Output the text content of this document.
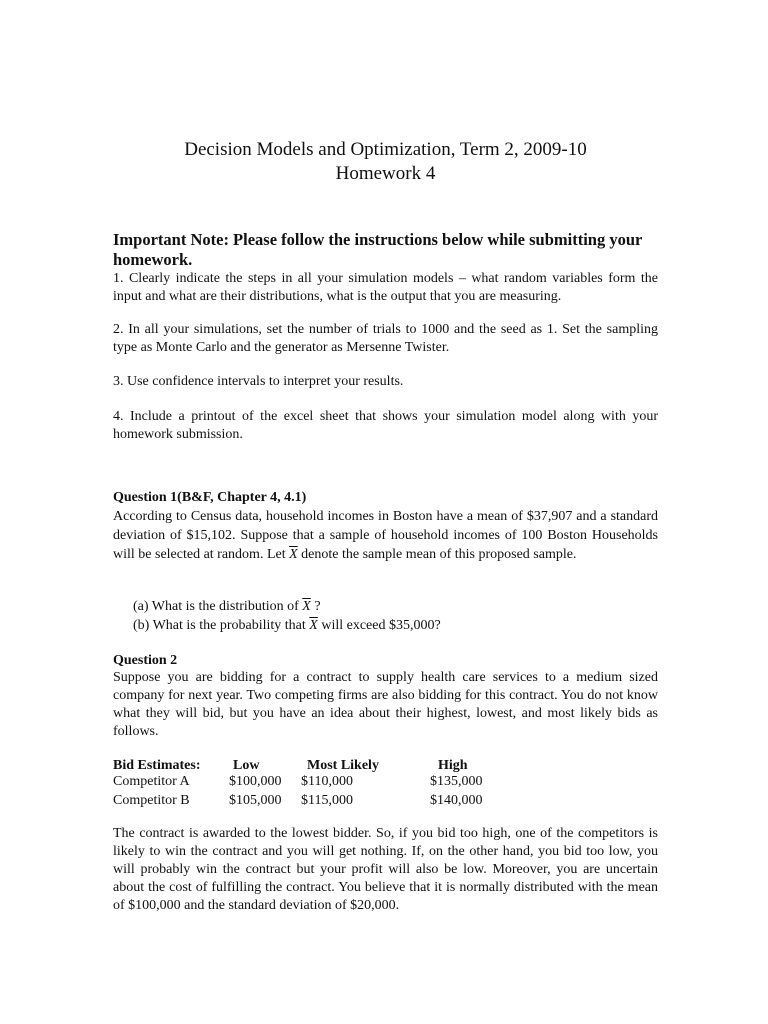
Decision Models and Optimization, Term 2, 2009-10
Homework 4
Important Note: Please follow the instructions below while submitting your homework.
1. Clearly indicate the steps in all your simulation models – what random variables form the input and what are their distributions, what is the output that you are measuring.
2. In all your simulations, set the number of trials to 1000 and the seed as 1. Set the sampling type as Monte Carlo and the generator as Mersenne Twister.
3. Use confidence intervals to interpret your results.
4. Include a printout of the excel sheet that shows your simulation model along with your homework submission.
Question 1(B&F, Chapter 4, 4.1)
According to Census data, household incomes in Boston have a mean of $37,907 and a standard deviation of $15,102. Suppose that a sample of household incomes of 100 Boston Households will be selected at random. Let $\overline{X}$ denote the sample mean of this proposed sample.
(a) What is the distribution of $\overline{X}$ ?
(b) What is the probability that $\overline{X}$ will exceed $35,000?
Question 2
Suppose you are bidding for a contract to supply health care services to a medium sized company for next year. Two competing firms are also bidding for this contract. You do not know what they will bid, but you have an idea about their highest, lowest, and most likely bids as follows.
Bid Estimates: Low	Most Likely	High
Competitor A	$100,000 $110,000	$135,000
Competitor B	$105,000 $115,000	$140,000
The contract is awarded to the lowest bidder. So, if you bid too high, one of the competitors is likely to win the contract and you will get nothing. If, on the other hand, you bid too low, you will probably win the contract but your profit will also be low. Moreover, you are uncertain about the cost of fulfilling the contract. You believe that it is normally distributed with the mean of $100,000 and the standard deviation of $20,000.
